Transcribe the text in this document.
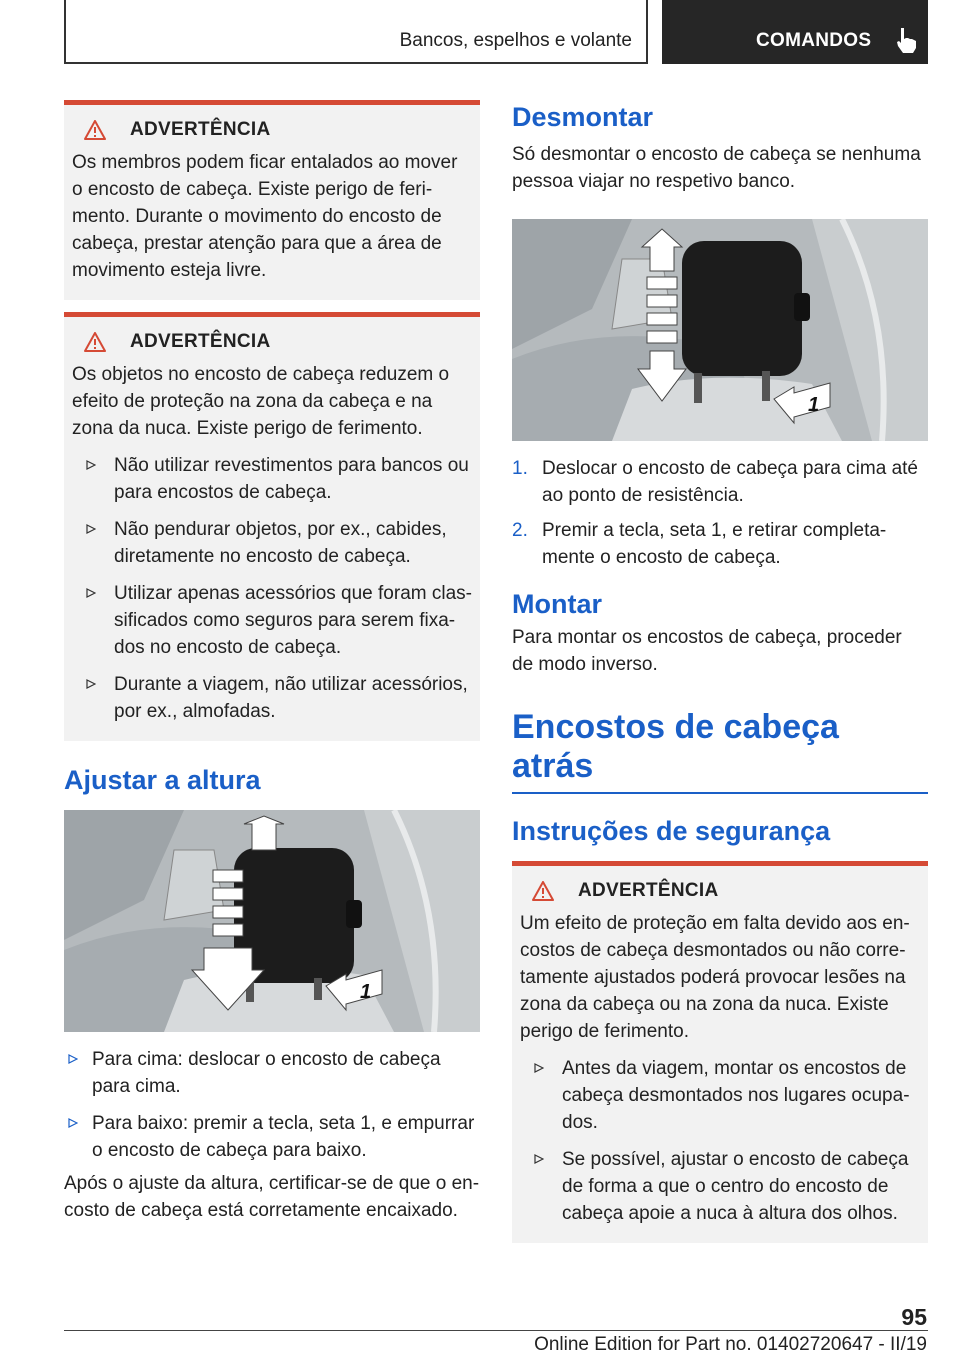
Bancos, espelhos e volante	COMANDOS
ADVERTÊNCIA

Os membros podem ficar entalados ao mover o encosto de cabeça. Existe perigo de ferimento. Durante o movimento do encosto de cabeça, prestar atenção para que a área de movimento esteja livre.

ADVERTÊNCIA

Os objetos no encosto de cabeça reduzem o efeito de proteção na zona da cabeça e na zona da nuca. Existe perigo de ferimento.

Não utilizar revestimentos para bancos ou para encostos de cabeça.
Não pendurar objetos, por ex., cabides, diretamente no encosto de cabeça.
Utilizar apenas acessórios que foram classificados como seguros para serem fixados no encosto de cabeça.
Durante a viagem, não utilizar acessórios, por ex., almofadas.
Ajustar a altura
1
Para cima: deslocar o encosto de cabeça para cima.
Para baixo: premir a tecla, seta 1, e empurrar o encosto de cabeça para baixo.

Após o ajuste da altura, certificar-se de que o encosto de cabeça está corretamente encaixado.

Desmontar

Só desmontar o encosto de cabeça se nenhuma pessoa viajar no respetivo banco.

1
1. Deslocar o encosto de cabeça para cima até ao ponto de resistência.
2. Premir a tecla, seta 1, e retirar completamente o encosto de cabeça.
Montar

Para montar os encostos de cabeça, proceder de modo inverso.

Encostos de cabeça atrás
Instruções de segurança
ADVERTÊNCIA

Um efeito de proteção em falta devido aos encostos de cabeça desmontados ou não corretamente ajustados poderá provocar lesões na zona da cabeça ou na zona da nuca. Existe perigo de ferimento.

Antes da viagem, montar os encostos de cabeça desmontados nos lugares ocupados.
Se possível, ajustar o encosto de cabeça de forma a que o centro do encosto de cabeça apoie a nuca à altura dos olhos.
95
Online Edition for Part no. 01402720647 - II/19
